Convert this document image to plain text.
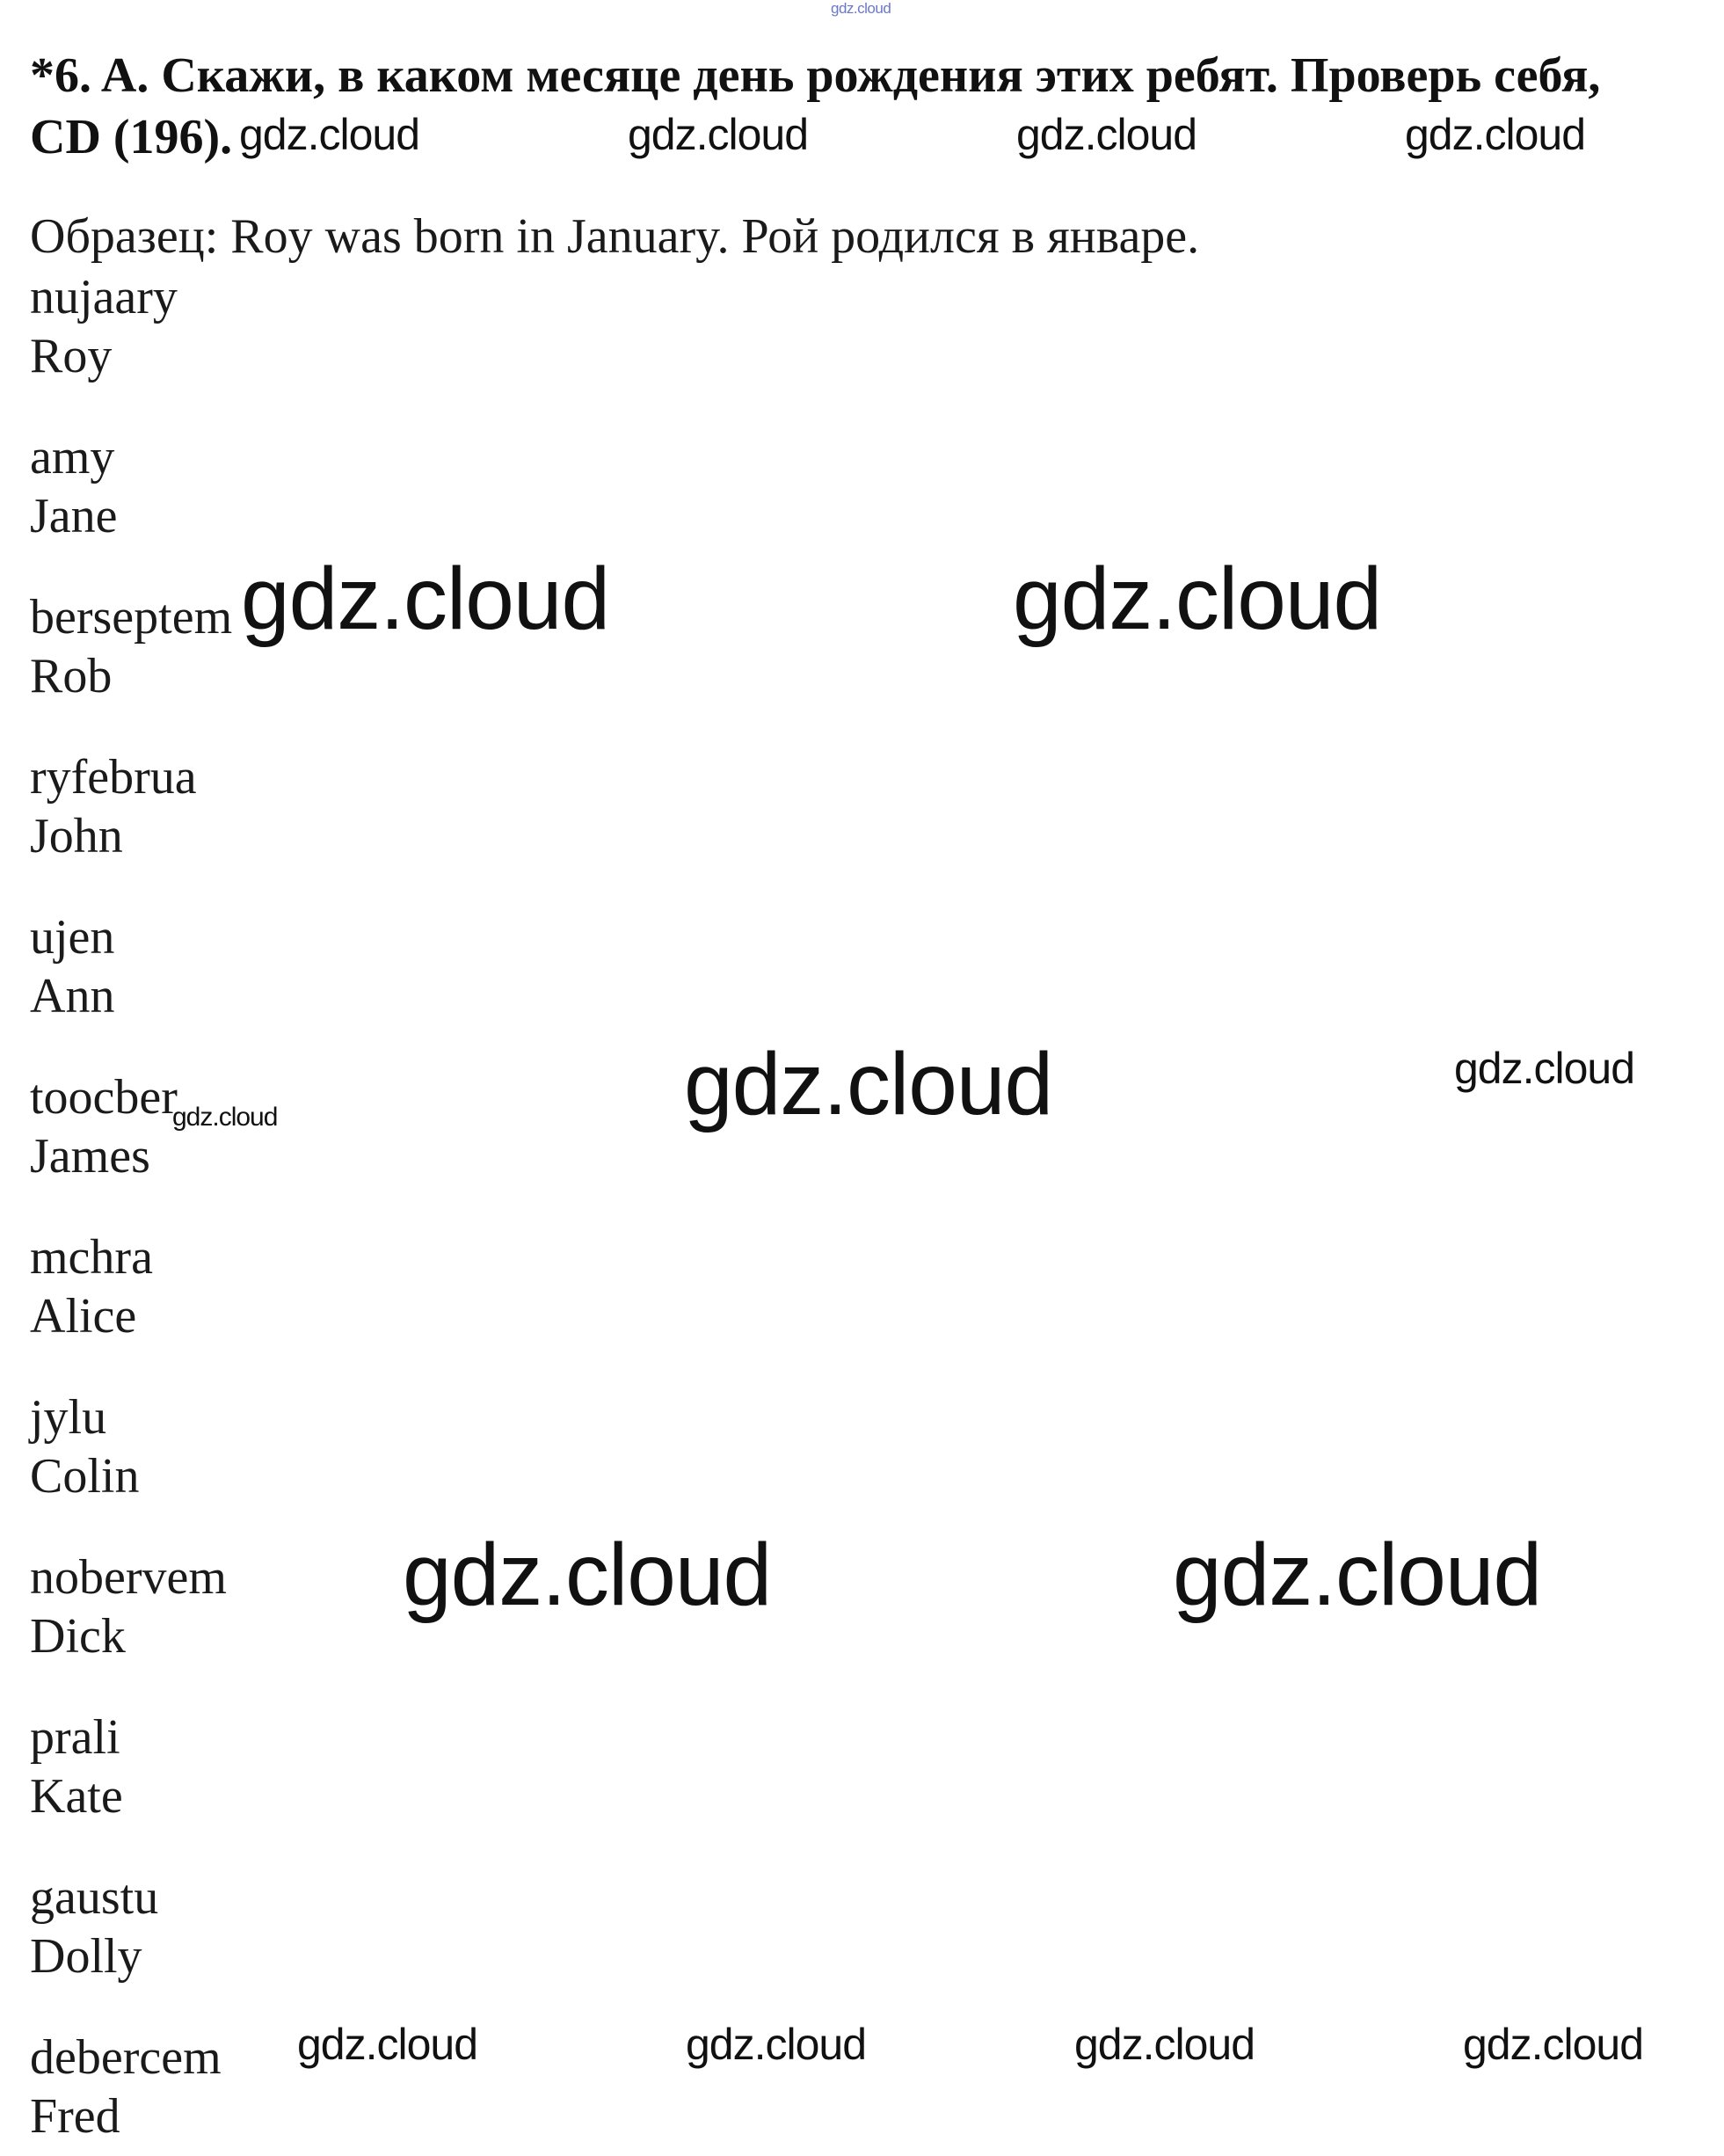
gdz.cloud
*6. A. Скажи, в каком месяце день рождения этих ребят. Проверь себя,
CD (196).
Образец: Roy was born in January. Рой родился в январе.
nujaary
Roy
amy
Jane
berseptem
Rob
ryfebrua
John
ujen
Ann
toocber
James
mchra
Alice
jylu
Colin
nobervem
Dick
prali
Kate
gaustu
Dolly
debercem
Fred
gdz.cloud	gdz.cloud	gdz.cloud	gdz.cloud
gdz.cloud	gdz.cloud
gdz.cloud	gdz.cloud
gdz.cloud
gdz.cloud	gdz.cloud
gdz.cloud	gdz.cloud	gdz.cloud	gdz.cloud
